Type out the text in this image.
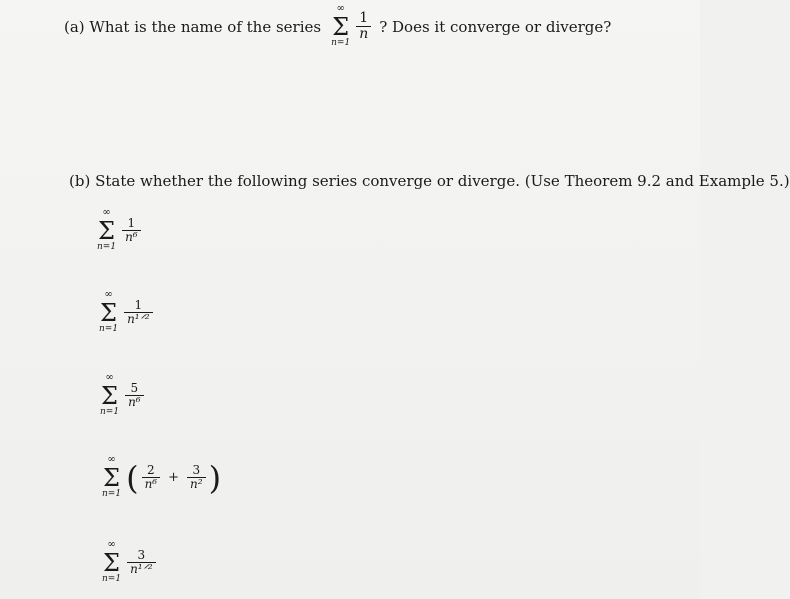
(a) What is the name of the series
∞
Σ
n=1
$\frac{1}{n}$ ? Does it converge or diverge?
(b) State whether the following series converge or diverge. (Use Theorem 9.2 and Example 5.)
∞
Σ
n=1
$\frac{1}{\text{n⁶}}$
∞
Σ
n=1
$\frac{1}{\text{n¹ᐟ²}}$
∞
Σ
n=1
$\frac{5}{\text{n⁶}}$
∞
Σ
n=1 ( $\frac{2}{\text{n⁶}} + \frac{3}{\text{n²}}$ )
∞
Σ
n=1
$\frac{3}{\text{n¹ᐟ²}}$
